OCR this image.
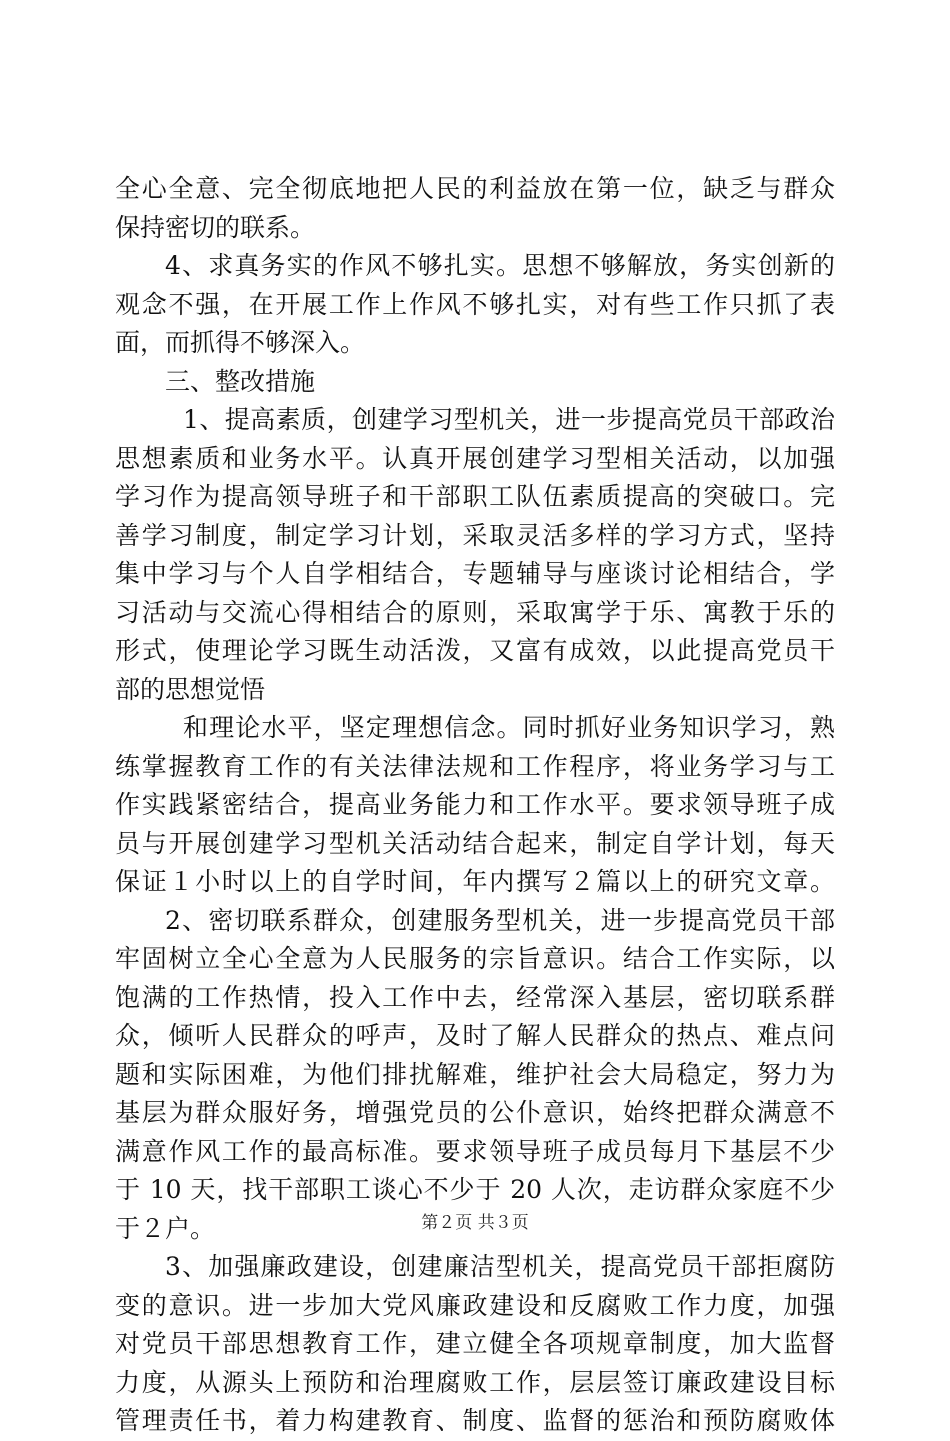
全心全意、完全彻底地把人民的利益放在第一位，缺乏与群众
保持密切的联系。
4、求真务实的作风不够扎实。思想不够解放，务实创新的
观念不强，在开展工作上作风不够扎实，对有些工作只抓了表
面，而抓得不够深入。
三、整改措施
1、提高素质，创建学习型机关，进一步提高党员干部政治
思想素质和业务水平。认真开展创建学习型相关活动，以加强
学习作为提高领导班子和干部职工队伍素质提高的突破口。完
善学习制度，制定学习计划，采取灵活多样的学习方式，坚持
集中学习与个人自学相结合，专题辅导与座谈讨论相结合，学
习活动与交流心得相结合的原则，采取寓学于乐、寓教于乐的
形式，使理论学习既生动活泼，又富有成效，以此提高党员干
部的思想觉悟
和理论水平，坚定理想信念。同时抓好业务知识学习，熟
练掌握教育工作的有关法律法规和工作程序，将业务学习与工
作实践紧密结合，提高业务能力和工作水平。要求领导班子成
员与开展创建学习型机关活动结合起来，制定自学计划，每天
保证１小时以上的自学时间，年内撰写２篇以上的研究文章。
2、密切联系群众，创建服务型机关，进一步提高党员干部
牢固树立全心全意为人民服务的宗旨意识。结合工作实际，以
饱满的工作热情，投入工作中去，经常深入基层，密切联系群
众，倾听人民群众的呼声，及时了解人民群众的热点、难点问
题和实际困难，为他们排扰解难，维护社会大局稳定，努力为
基层为群众服好务，增强党员的公仆意识，始终把群众满意不
满意作风工作的最高标准。要求领导班子成员每月下基层不少
于 10 天，找干部职工谈心不少于 20 人次，走访群众家庭不少
于２户。
3、加强廉政建设，创建廉洁型机关，提高党员干部拒腐防
变的意识。进一步加大党风廉政建设和反腐败工作力度，加强
对党员干部思想教育工作，建立健全各项规章制度，加大监督
力度，从源头上预防和治理腐败工作，层层签订廉政建设目标
管理责任书，着力构建教育、制度、监督的惩治和预防腐败体
第２页 共３页
